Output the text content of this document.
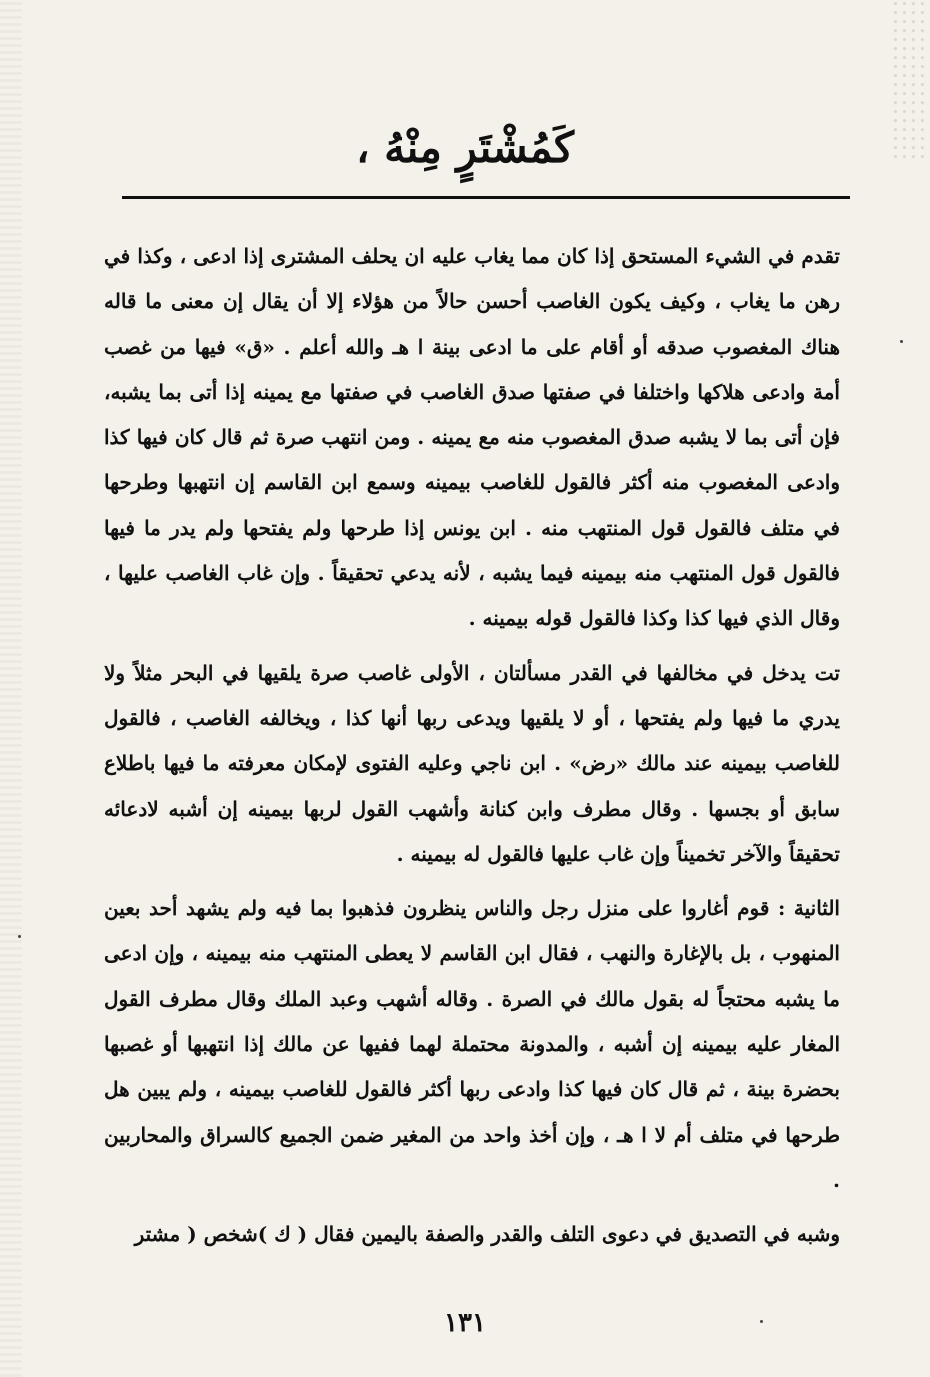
كَمُشْتَرٍ مِنْهُ ،

تقدم في الشيء المستحق إذا كان مما يغاب عليه ان يحلف المشترى إذا ادعى ، وكذا في رهن ما يغاب ، وكيف يكون الغاصب أحسن حالاً من هؤلاء إلا أن يقال إن معنى ما قاله هناك المغصوب صدقه أو أقام على ما ادعى بينة ا هـ والله أعلم . «ق» فيها من غصب أمة وادعى هلاكها واختلفا في صفتها صدق الغاصب في صفتها مع يمينه إذا أتى بما يشبه، فإن أتى بما لا يشبه صدق المغصوب منه مع يمينه . ومن انتهب صرة ثم قال كان فيها كذا وادعى المغصوب منه أكثر فالقول للغاصب بيمينه وسمع ابن القاسم إن انتهبها وطرحها في متلف فالقول قول المنتهب منه . ابن يونس إذا طرحها ولم يفتحها ولم يدر ما فيها فالقول قول المنتهب منه بيمينه فيما يشبه ، لأنه يدعي تحقيقاً . وإن غاب الغاصب عليها ، وقال الذي فيها كذا وكذا فالقول قوله بيمينه .

تت يدخل في مخالفها في القدر مسألتان ، الأولى غاصب صرة يلقيها في البحر مثلاً ولا يدري ما فيها ولم يفتحها ، أو لا يلقيها ويدعى ربها أنها كذا ، ويخالفه الغاصب ، فالقول للغاصب بيمينه عند مالك «رض» . ابن ناجي وعليه الفتوى لإمكان معرفته ما فيها باطلاع سابق أو بجسها . وقال مطرف وابن كنانة وأشهب القول لربها بيمينه إن أشبه لادعائه تحقيقاً والآخر تخميناً وإن غاب عليها فالقول له بيمينه .

الثانية : قوم أغاروا على منزل رجل والناس ينظرون فذهبوا بما فيه ولم يشهد أحد بعين المنهوب ، بل بالإغارة والنهب ، فقال ابن القاسم لا يعطى المنتهب منه بيمينه ، وإن ادعى ما يشبه محتجاً له بقول مالك في الصرة . وقاله أشهب وعبد الملك وقال مطرف القول المغار عليه بيمينه إن أشبه ، والمدونة محتملة لهما ففيها عن مالك إذا انتهبها أو غصبها بحضرة بينة ، ثم قال كان فيها كذا وادعى ربها أكثر فالقول للغاصب بيمينه ، ولم يبين هل طرحها في متلف أم لا ا هـ ، وإن أخذ واحد من المغير ضمن الجميع كالسراق والمحاربين .

وشبه في التصديق في دعوى التلف والقدر والصفة باليمين فقال ( ك )شخص ( مشتر

١٣١
